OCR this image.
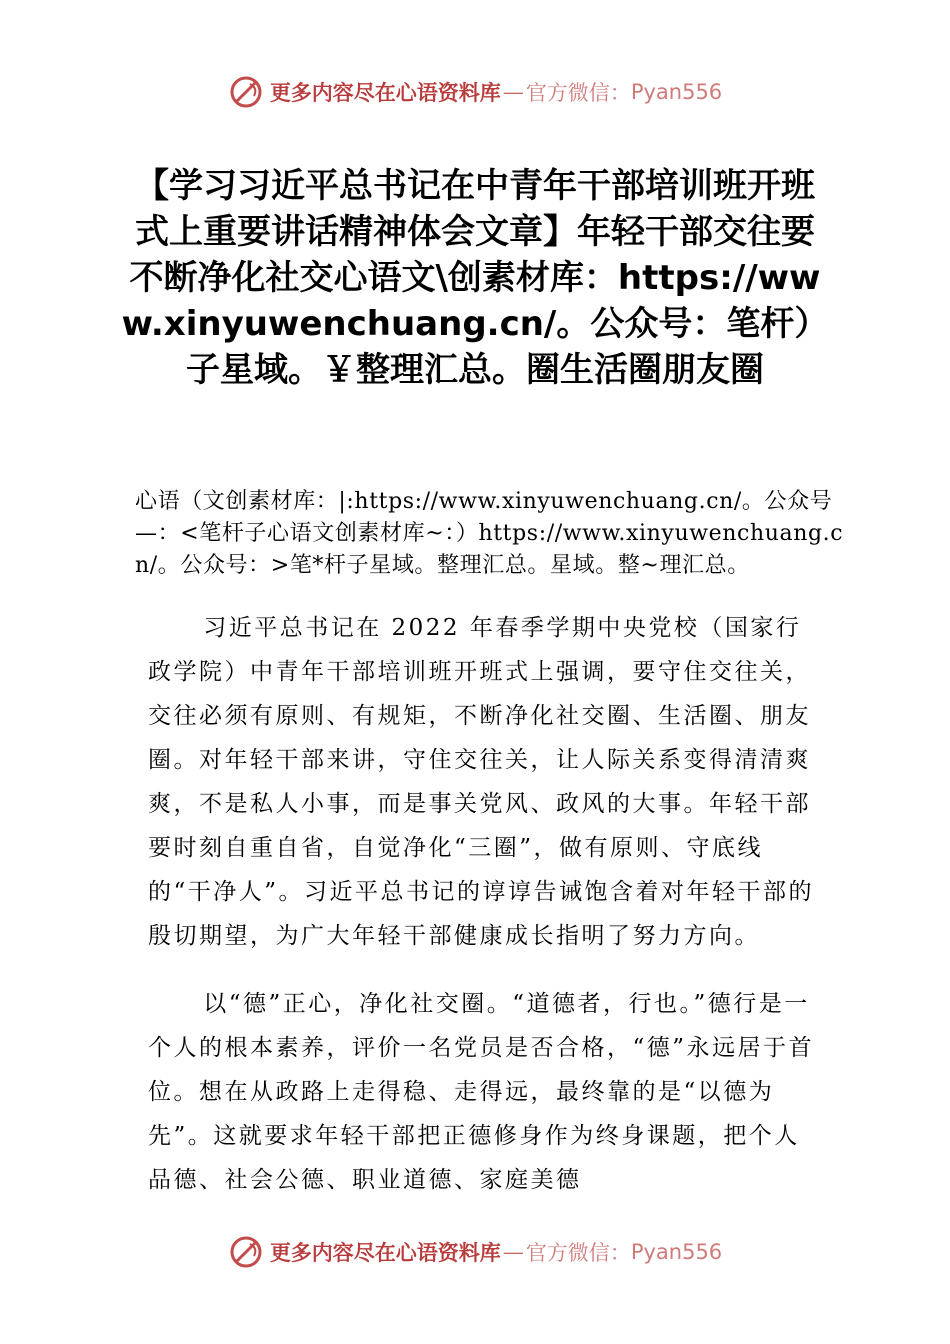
更多内容尽在心语资料库 — 官方微信： Pyan556
【学习习近平总书记在中青年干部培训班开班式上重要讲话精神体会文章】年轻干部交往要不断净化社交心语文\创素材库：https://www.xinyuwenchuang.cn/。公众号：笔杆）子星域。￥整理汇总。圈生活圈朋友圈

心语（文创素材库：|:https://www.xinyuwenchuang.cn/。公众号—：<笔杆子心语文创素材库~：）https://www.xinyuwenchuang.cn/。公众号：>笔*杆子星域。整理汇总。星域。整~理汇总。

习近平总书记在 2022 年春季学期中央党校（国家行政学院）中青年干部培训班开班式上强调，要守住交往关，交往必须有原则、有规矩，不断净化社交圈、生活圈、朋友圈。对年轻干部来讲，守住交往关，让人际关系变得清清爽爽，不是私人小事，而是事关党风、政风的大事。年轻干部要时刻自重自省，自觉净化“三圈”，做有原则、守底线的“干净人”。习近平总书记的谆谆告诫饱含着对年轻干部的殷切期望，为广大年轻干部健康成长指明了努力方向。

以“德”正心，净化社交圈。“道德者，行也。”德行是一个人的根本素养，评价一名党员是否合格，“德”永远居于首位。想在从政路上走得稳、走得远，最终靠的是“以德为先”。这就要求年轻干部把正德修身作为终身课题，把个人品德、社会公德、职业道德、家庭美德

更多内容尽在心语资料库 — 官方微信： Pyan556
